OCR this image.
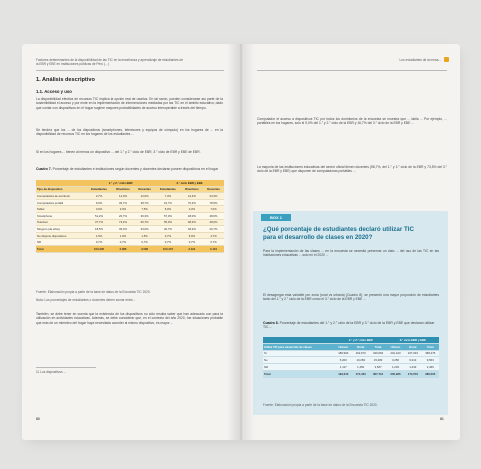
Factores determinantes de la disponibilidad de las TIC en la enseñanza y aprendizaje de estudiantes de la EBR y EBE en instituciones públicas de Perú (…)
1. Análisis descriptivo
1.1. Acceso y uso
La disponibilidad efectiva de recursos TIC implica la opción real de usarlos. En tal razón, pueden considerarse así parte de la sostenibilidad el acceso y por ende en la implementación de intervenciones mediadas por las TIC en el ámbito educativo; dado que contar con dispositivos en el hogar sugiere mayores probabilidades de acceso interoperable a través del tiempo.
Se tendría que los ... de los dispositivos (smartphones, televisores y equipos de cómputo) en los hogares de ... en la disponibilidad de recursos TIC en los hogares de los estudiantes ...
Si en los hogares ... tienen al menos un dispositivo ... del 1.° y 2.° ciclo de EBR, 3.° ciclo de EBR y EBE de EBR.
Cuadro 7. Porcentaje de estudiantes e instituciones según docentes y docentes declaran poseer dispositivos en el hogar
	1.° y 2.° ciclo EBR			3.° ciclo EBR y EBE		
Tipo de dispositivo	Estudiantes	Directivos	Docentes	Estudiantes	Directivos	Docentes
Computadora de escritorio	3,7%	12,0%	12,0%	7,3%	21,3%	23,3%
Computadora portátil	9,0%	36,7%	38,7%	16,7%	70,3%	78,5%
Tablet	3,0%	3,0%	7,5%	5,0%	3,3%	7,0%
Smartphone	51,2%	20,7%	36,3%	57,3%	48,0%	48,0%
Televisor	37,7%	73,4%	66,7%	55,3%	48,3%	48,0%
Ninguno (de ellos)	18,5%	36,3%	33,0%	20,7%	48,3%	26,7%
No dispone dispositivos	1,5%	1,0%	1,5%	3,7%	5,0%	4,7%
NR	0,7%	0,7%	0,7%	0,7%	0,7%	0,7%
Total	100.395	3.086	3.086	100.473	3.191	3.191
Fuente: Elaboración propia a partir de la base de datos de la Encuesta TIC 2020.
Nota: Los porcentajes de estudiantes o docentes deben sumar entre...
También, se debe tener en cuenta que la existencia de los dispositivos no sólo resulta saber que han adecuado con para la utilización en actividades educativas. Además, se debe considerar que, en el contexto del año 2020, fue situaciones probable que más de un miembro del hogar haya necesitado acceder al mismo dispositivo, es mayor ...
11 Los dispositivos ...
80
Los estudiantes de la mesa...
Computador el acceso a dispositivos TIC por todos los dormitorios de la encuesta se muestra que ... tabla ... Por ejemplo, ... portátiles en los hogares, solo el 9,0% del 1.° y 2.° ciclo de la EBR y 16,7% del 3.° ciclo de la EBR y EBE ...
La mayoría de las instituciones educativas del sector oficial tienen docentes (58,7%, del 1.° y 2.° ciclo de la EBR y 73,5% del 3.° ciclo de la EBR y EBE) que disponen de computadoras portátiles ...
BOX 1
¿Qué porcentaje de estudiantes declaró utilizar TIC para el desarrollo de clases en 2020?
Para la implementación de las clases ... en la encuesta se necesitó preservar un dato ... del uso de las TIC en las instituciones educativas ... solo en el 2020 ...
El desagregar esta variable por zona (rural vs urbana) (Cuadro 8), se presentó una mayor proporción de estudiantes tanto del 1.° y 2.° ciclo de la EBR como el 3.° ciclo de la EBR y EBE ...
Cuadro 8. Porcentaje de estudiantes del 1.° y 2.° ciclo de la EBR y 3.° ciclo de la EBR y EBE que declaran utilizar TIC ...
	1.° y 2.° ciclo EBR			3.° ciclo EBR y EBE		
Utiliza TIC para desarrollo de clases	Urbano	Rural	Total	Urbano	Rural	Total
Sí	186,993	162,670	349,663	201,443	167,033	368,476
No	5,200	10,283	15,483	3,250	6,313	9,563
NR	1,117	1,450	2,567	1,233	1,233	2,466
Total	193,310	174,403	367,713	205,926	174,579	380,505
Fuente: Elaboración propia a partir de la base de datos de la Encuesta TIC 2020.
81
